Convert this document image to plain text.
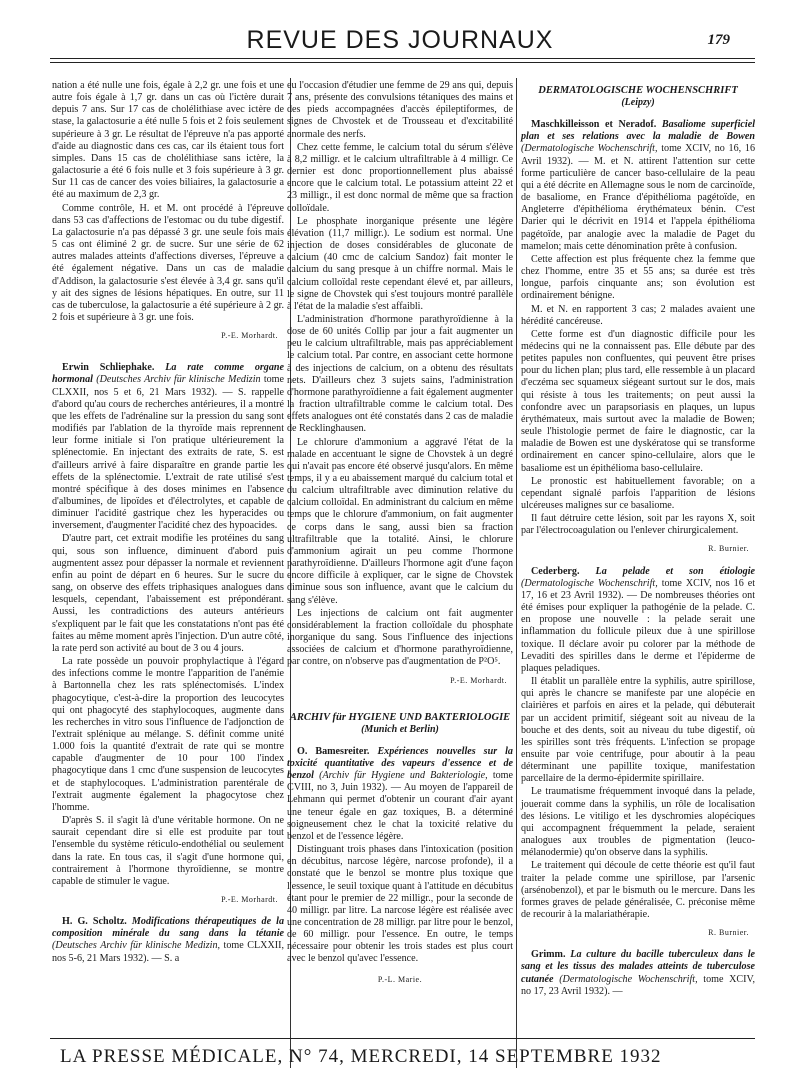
REVUE DES JOURNAUX	179

nation a été nulle une fois, égale à 2,2 gr. une fois et une autre fois égale à 1,7 gr. dans un cas où l'ictère durait depuis 7 ans. Sur 17 cas de cholélithiase avec ictère de stase, la galactosurie a été nulle 5 fois et 2 fois seulement supérieure à 3 gr. Le résultat de l'épreuve n'a pas apporté d'aide au diagnostic dans ces cas, car ils étaient tous fort simples. Dans 15 cas de cholélithiase sans ictère, la galactosurie a été 6 fois nulle et 3 fois supérieure à 3 gr. Sur 11 cas de cancer des voies biliaires, la galactosurie a été au maximum de 2,3 gr.

Comme contrôle, H. et M. ont procédé à l'épreuve dans 53 cas d'affections de l'estomac ou du tube digestif. La galactosurie n'a pas dépassé 3 gr. une seule fois mais 5 cas ont éliminé 2 gr. de sucre. Sur une série de 62 autres malades atteints d'affections diverses, l'épreuve a été également négative. Dans un cas de maladie d'Addison, la galactosurie s'est élevée à 3,4 gr. sans qu'il y ait des signes de lésions hépatiques. En outre, sur 11 cas de tuberculose, la galactosurie a été supérieure à 2 gr. 2 fois et supérieure à 3 gr. une fois.

P.-E. Morhardt.

Erwin Schliephake. La rate comme organe hormonal (Deutsches Archiv für klinische Medizin tome CLXXII, nos 5 et 6, 21 Mars 1932). — S. rappelle d'abord qu'au cours de recherches antérieures, il a montré que les effets de l'adrénaline sur la pression du sang sont modifiés par l'ablation de la thyroïde mais reprennent leur forme initiale si l'on pratique ultérieurement la splénectomie. En injectant des extraits de rate, S. est d'ailleurs arrivé à faire disparaître en grande partie les effets de la splénectomie. L'extrait de rate utilisé s'est montré spécifique à des doses minimes en l'absence d'albumines, de lipoïdes et d'électrolytes, et capable de diminuer l'acidité gastrique chez les hyperacides ou inversement, d'augmenter l'acidité chez des hypoacides.

D'autre part, cet extrait modifie les protéines du sang qui, sous son influence, diminuent d'abord puis augmentent assez pour dépasser la normale et reviennent enfin au point de départ en 6 heures. Sur le sucre du sang, on observe des effets triphasiques analogues dans lesquels, cependant, l'abaissement est prépondérant. Aussi, les contradictions des auteurs antérieurs s'expliquent par le fait que les constatations n'ont pas été faites au même moment après l'injection. D'un autre côté, la rate perd son activité au bout de 3 ou 4 jours.

La rate possède un pouvoir prophylactique à l'égard des infections comme le montre l'apparition de l'anémie à Bartonnella chez les rats splénectomisés. L'index phagocytique, c'est-à-dire la proportion des leucocytes qui ont phagocyté des staphylocoques, augmente dans les recherches in vitro sous l'influence de l'adjonction de l'extrait splénique au mélange. S. définit comme unité 1.000 fois la quantité d'extrait de rate qui se montre capable d'augmenter de 10 pour 100 l'index phagocytique dans 1 cmc d'une suspension de leucocytes et de staphylocoques. L'administration parentérale de l'extrait augmente également la phagocytose chez l'homme.

D'après S. il s'agit là d'une véritable hormone. On ne saurait cependant dire si elle est produite par tout l'ensemble du système réticulo-endothélial ou seulement dans la rate. En tous cas, il s'agit d'une hormone qui, contrairement à l'hormone thyroïdienne, se montre capable de stimuler le vague.

P.-E. Morhardt.

H. G. Scholtz. Modifications thérapeutiques de la composition minérale du sang dans la tétanie (Deutsches Archiv für klinische Medizin, tome CLXXII, nos 5-6, 21 Mars 1932). — S. a

eu l'occasion d'étudier une femme de 29 ans qui, depuis 7 ans, présente des convulsions tétaniques des mains et des pieds accompagnées d'accès épileptiformes, de signes de Chvostek et de Trousseau et d'excitabilité anormale des nerfs.

Chez cette femme, le calcium total du sérum s'élève à 8,2 milligr. et le calcium ultrafiltrable à 4 milligr. Ce dernier est donc proportionnellement plus abaissé encore que le calcium total. Le potassium atteint 22 et 23 milligr., il est donc normal de même que sa fraction colloïdale.

Le phosphate inorganique présente une légère élévation (11,7 milligr.). Le sodium est normal. Une injection de doses considérables de gluconate de calcium (40 cmc de calcium Sandoz) fait monter le calcium du sang presque à un chiffre normal. Mais le calcium colloïdal reste cependant élevé et, par ailleurs, le signe de Chovstek qui s'est toujours montré parallèle à l'état de la maladie s'est affaibli.

L'administration d'hormone parathyroïdienne à la dose de 60 unités Collip par jour a fait augmenter un peu le calcium ultrafiltrable, mais pas appréciablement le calcium total. Par contre, en associant cette hormone à des injections de calcium, on a obtenu des résultats nets. D'ailleurs chez 3 sujets sains, l'administration d'hormone parathyroïdienne a fait également augmenter la fraction ultrafiltrable comme le calcium total. Des effets analogues ont été constatés dans 2 cas de maladie de Recklinghausen.

Le chlorure d'ammonium a aggravé l'état de la malade en accentuant le signe de Chovstek à un degré qui n'avait pas encore été observé jusqu'alors. En même temps, il y a eu abaissement marqué du calcium total et du calcium ultrafiltrable avec diminution relative du calcium colloïdal. En administrant du calcium en même temps que le chlorure d'ammonium, on fait augmenter ce corps dans le sang, aussi bien sa fraction ultrafiltrable que la totalité. Ainsi, le chlorure d'ammonium agirait un peu comme l'hormone parathyroïdienne. D'ailleurs l'hormone agit d'une façon encore difficile à expliquer, car le signe de Chovstek diminue sous son influence, avant que le calcium du sang s'élève.

Les injections de calcium ont fait augmenter considérablement la fraction colloïdale du phosphate inorganique du sang. Sous l'influence des injections associées de calcium et d'hormone parathyroïdienne, par contre, on n'observe pas d'augmentation de P²O⁵.

P.-E. Morhardt.
ARCHIV für HYGIENE UND BAKTERIOLOGIE
(Munich et Berlin)

O. Bamesreiter. Expériences nouvelles sur la toxicité quantitative des vapeurs d'essence et de benzol (Archiv für Hygiene und Bakteriologie, tome CVIII, no 3, Juin 1932). — Au moyen de l'appareil de Lehmann qui permet d'obtenir un courant d'air ayant une teneur égale en gaz toxiques, B. a déterminé soigneusement chez le chat la toxicité relative du benzol et de l'essence légère.

Distinguant trois phases dans l'intoxication (position en décubitus, narcose légère, narcose profonde), il a constaté que le benzol se montre plus toxique que l'essence, le seuil toxique quant à l'attitude en décubitus étant pour le premier de 22 milligr., pour la seconde de 40 milligr. par litre. La narcose légère est réalisée avec une concentration de 28 milligr. par litre pour le benzol, de 60 milligr. pour l'essence. En outre, le temps nécessaire pour obtenir les trois stades est plus court avec le benzol qu'avec l'essence.

P.-L. Marie.
DERMATOLOGISCHE WOCHENSCHRIFT
(Leipzy)

Maschkilleisson et Neradof. Basaliome superficiel plan et ses relations avec la maladie de Bowen (Dermatologische Wochenschrift, tome XCIV, no 16, 16 Avril 1932). — M. et N. attirent l'attention sur cette forme particulière de cancer baso-cellulaire de la peau qui a été décrite en Allemagne sous le nom de carcinoïde, de basaliome, en France d'épithélioma pagétoïde, en Angleterre d'épithélioma érythémateux bénin. C'est Darier qui le décrivit en 1914 et l'appela épithélioma pagétoïde, par analogie avec la maladie de Paget du mamelon; mais cette dénomination prête à confusion.

Cette affection est plus fréquente chez la femme que chez l'homme, entre 35 et 55 ans; sa durée est très longue, parfois cinquante ans; son évolution est ordinairement bénigne.

M. et N. en rapportent 3 cas; 2 malades avaient une hérédité cancéreuse.

Cette forme est d'un diagnostic difficile pour les médecins qui ne la connaissent pas. Elle débute par des petites papules non confluentes, qui peuvent être prises pour du lichen plan; plus tard, elle ressemble à un placard d'eczéma sec squameux siégeant surtout sur le dos, mais qui résiste à tous les traitements; on peut aussi la confondre avec un parapsoriasis en plaques, un lupus érythémateux, mais surtout avec la maladie de Bowen; seule l'histologie permet de faire le diagnostic, car la maladie de Bowen est une dyskératose qui se transforme ordinairement en cancer spino-cellulaire, alors que le basaliome est un épithélioma baso-cellulaire.

Le pronostic est habituellement favorable; on a cependant signalé parfois l'apparition de lésions ulcéreuses malignes sur ce basaliome.

Il faut détruire cette lésion, soit par les rayons X, soit par l'électrocoagulation ou l'enlever chirurgicalement.

R. Burnier.

Cederberg. La pelade et son étiologie (Dermatologische Wochenschrift, tome XCIV, nos 16 et 17, 16 et 23 Avril 1932). — De nombreuses théories ont été émises pour expliquer la pathogénie de la pelade. C. en propose une nouvelle : la pelade serait une inflammation du follicule pileux due à une spirillose toxique. Il déclare avoir pu colorer par la méthode de Levaditi des spirilles dans le derme et l'épiderme de plaques peladiques.

Il établit un parallèle entre la syphilis, autre spirillose, qui après le chancre se manifeste par une alopécie en clairières et parfois en aires et la pelade, qui débuterait par un accident primitif, siégeant soit au niveau de la bouche et des dents, soit au niveau du tube digestif, où les spirilles sont très fréquents. L'infection se propage ensuite par voie centrifuge, pour aboutir à la peau déterminant une papillite toxique, manifestation parcellaire de la dermo-épidermite spirillaire.

Le traumatisme fréquemment invoqué dans la pelade, jouerait comme dans la syphilis, un rôle de localisation des lésions. Le vitiligo et les dyschromies alopéciques qui accompagnent fréquemment la pelade, seraient analogues aux troubles de pigmentation (leuco-mélanodermie) qu'on observe dans la syphilis.

Le traitement qui découle de cette théorie est qu'il faut traiter la pelade comme une spirillose, par l'arsenic (arsénobenzol), et par le bismuth ou le mercure. Dans les formes graves de pelade généralisée, C. préconise même de recourir à la malariathérapie.

R. Burnier.

Grimm. La culture du bacille tuberculeux dans le sang et les tissus des malades atteints de tuberculose cutanée (Dermatologische Wochenschrift, tome XCIV, no 17, 23 Avril 1932). —

LA PRESSE MÉDICALE, N° 74, MERCREDI, 14 SEPTEMBRE 1932
